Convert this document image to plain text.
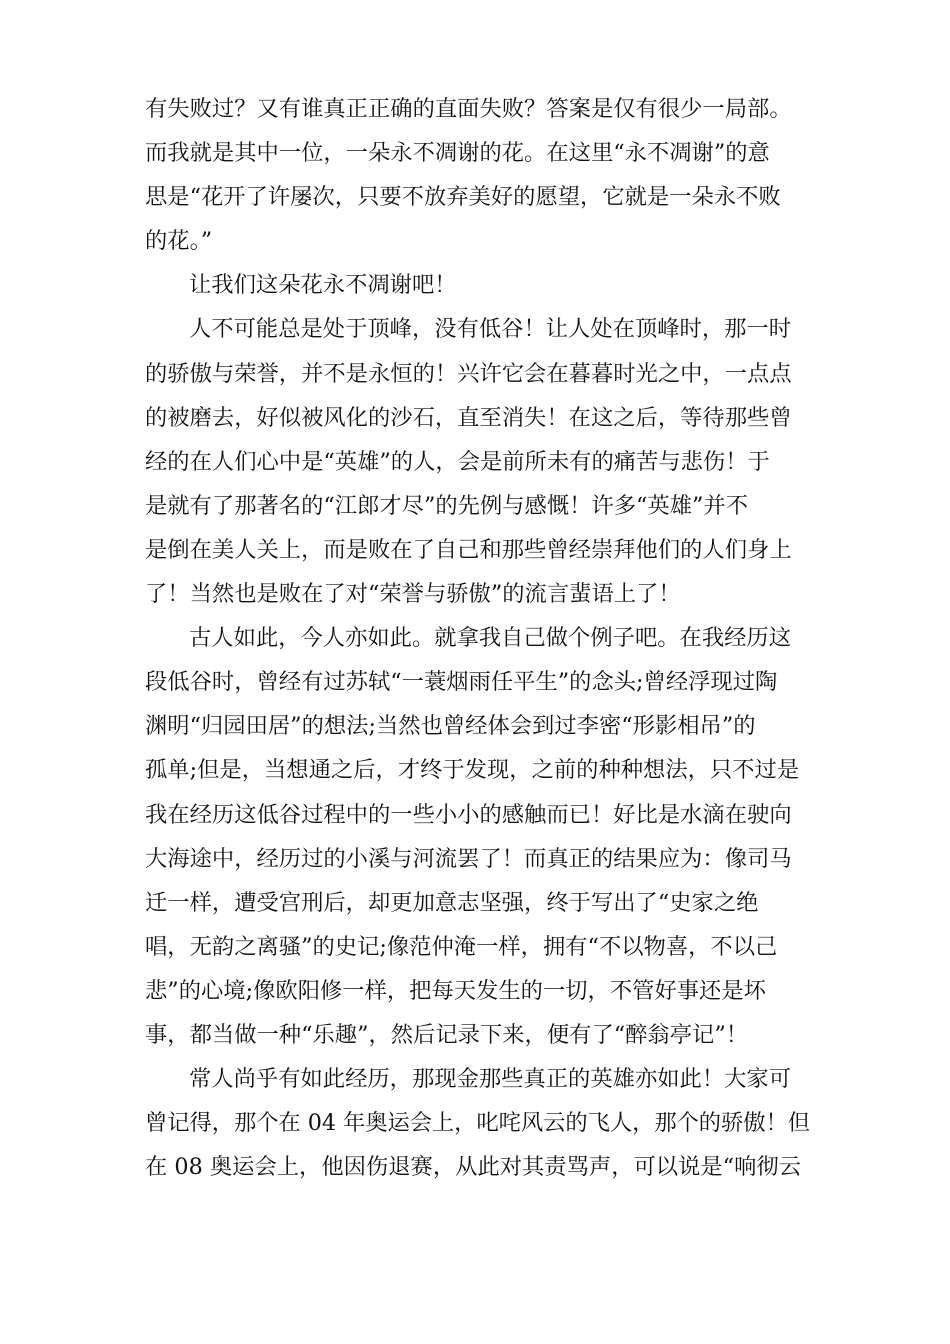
有失败过？又有谁真正正确的直面失败？答案是仅有很少一局部。
而我就是其中一位，一朵永不凋谢的花。在这里“永不凋谢”的意
思是“花开了许屡次，只要不放弃美好的愿望，它就是一朵永不败
的花。”
让我们这朵花永不凋谢吧！
人不可能总是处于顶峰，没有低谷！让人处在顶峰时，那一时
的骄傲与荣誉，并不是永恒的！兴许它会在暮暮时光之中，一点点
的被磨去，好似被风化的沙石，直至消失！在这之后，等待那些曾
经的在人们心中是“英雄”的人，会是前所未有的痛苦与悲伤！于
是就有了那著名的“江郎才尽”的先例与感慨！许多“英雄”并不
是倒在美人关上，而是败在了自己和那些曾经崇拜他们的人们身上
了！当然也是败在了对“荣誉与骄傲”的流言蜚语上了！
古人如此，今人亦如此。就拿我自己做个例子吧。在我经历这
段低谷时，曾经有过苏轼“一蓑烟雨任平生”的念头;曾经浮现过陶
渊明“归园田居”的想法;当然也曾经体会到过李密“形影相吊”的
孤单;但是，当想通之后，才终于发现，之前的种种想法，只不过是
我在经历这低谷过程中的一些小小的感触而已！好比是水滴在驶向
大海途中，经历过的小溪与河流罢了！而真正的结果应为：像司马
迁一样，遭受宫刑后，却更加意志坚强，终于写出了“史家之绝
唱，无韵之离骚”的史记;像范仲淹一样，拥有“不以物喜，不以己
悲”的心境;像欧阳修一样，把每天发生的一切，不管好事还是坏
事，都当做一种“乐趣”，然后记录下来，便有了“醉翁亭记”！
常人尚乎有如此经历，那现金那些真正的英雄亦如此！大家可
曾记得，那个在 04 年奥运会上，叱咤风云的飞人，那个的骄傲！但
在 08 奥运会上，他因伤退赛，从此对其责骂声，可以说是“响彻云
